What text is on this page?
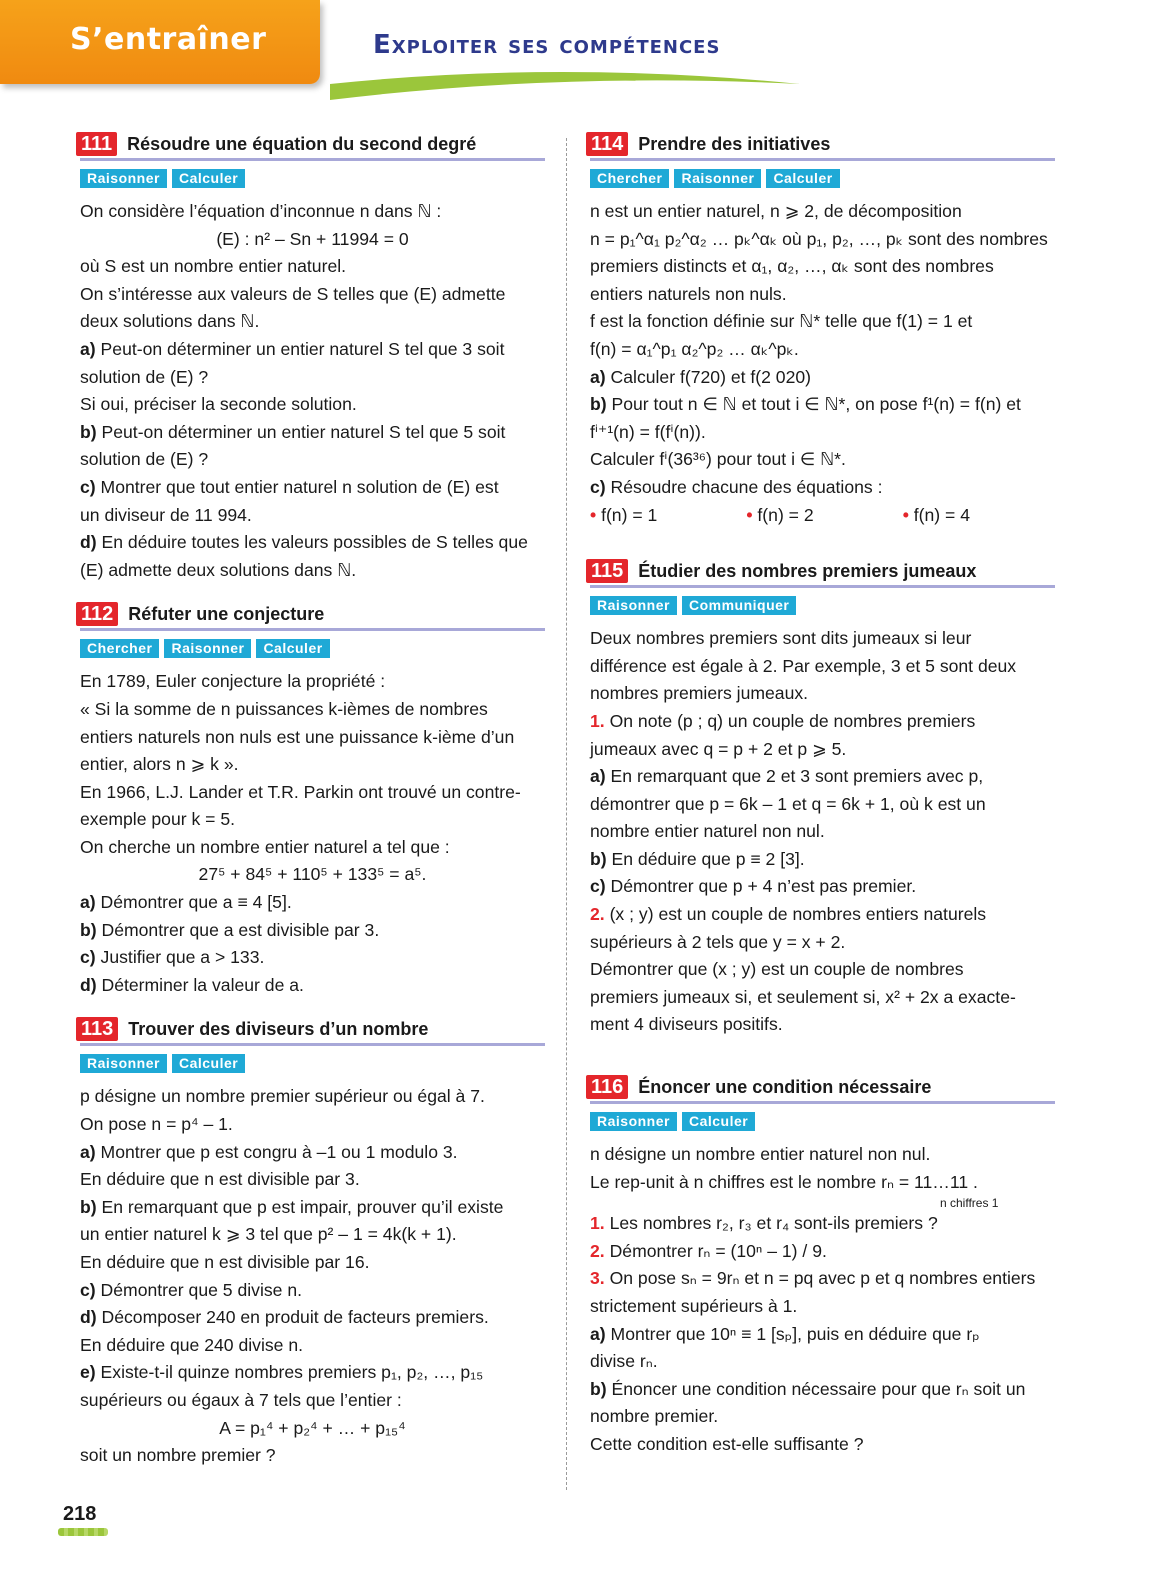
S’entraîner	Exploiter ses compétences
111 Résoudre une équation du second degré
Raisonner	Calculer

On considère l’équation d’inconnue n dans ℕ :

(E) : n² – Sn + 11994 = 0

où S est un nombre entier naturel.

On s’intéresse aux valeurs de S telles que (E) admette

deux solutions dans ℕ.

a) Peut-on déterminer un entier naturel S tel que 3 soit

solution de (E) ?

Si oui, préciser la seconde solution.

b) Peut-on déterminer un entier naturel S tel que 5 soit

solution de (E) ?

c) Montrer que tout entier naturel n solution de (E) est

un diviseur de 11 994.

d) En déduire toutes les valeurs possibles de S telles que

(E) admette deux solutions dans ℕ.

112 Réfuter une conjecture
Chercher	Raisonner	Calculer

En 1789, Euler conjecture la propriété :

« Si la somme de n puissances k-ièmes de nombres

entiers naturels non nuls est une puissance k-ième d’un

entier, alors n ⩾ k ».

En 1966, L.J. Lander et T.R. Parkin ont trouvé un contre-

exemple pour k = 5.

On cherche un nombre entier naturel a tel que :

27⁵ + 84⁵ + 110⁵ + 133⁵ = a⁵.

a) Démontrer que a ≡ 4 [5].

b) Démontrer que a est divisible par 3.

c) Justifier que a > 133.

d) Déterminer la valeur de a.

113 Trouver des diviseurs d’un nombre
Raisonner	Calculer

p désigne un nombre premier supérieur ou égal à 7.

On pose n = p⁴ – 1.

a) Montrer que p est congru à –1 ou 1 modulo 3.

En déduire que n est divisible par 3.

b) En remarquant que p est impair, prouver qu’il existe

un entier naturel k ⩾ 3 tel que p² – 1 = 4k(k + 1).

En déduire que n est divisible par 16.

c) Démontrer que 5 divise n.

d) Décomposer 240 en produit de facteurs premiers.

En déduire que 240 divise n.

e) Existe-t-il quinze nombres premiers p₁, p₂, …, p₁₅

supérieurs ou égaux à 7 tels que l’entier :

A = p₁⁴ + p₂⁴ + … + p₁₅⁴

soit un nombre premier ?

114 Prendre des initiatives
Chercher	Raisonner	Calculer

n est un entier naturel, n ⩾ 2, de décomposition

n = p₁^α₁ p₂^α₂ … pₖ^αₖ où p₁, p₂, …, pₖ sont des nombres

premiers distincts et α₁, α₂, …, αₖ sont des nombres

entiers naturels non nuls.

f est la fonction définie sur ℕ* telle que f(1) = 1 et

f(n) = α₁^p₁ α₂^p₂ … αₖ^pₖ.

a) Calculer f(720) et f(2 020)

b) Pour tout n ∈ ℕ et tout i ∈ ℕ*, on pose f¹(n) = f(n) et

fⁱ⁺¹(n) = f(fⁱ(n)).

Calculer fⁱ(36³⁶) pour tout i ∈ ℕ*.

c) Résoudre chacune des équations :

• f(n) = 1	• f(n) = 2	• f(n) = 4
115 Étudier des nombres premiers jumeaux
Raisonner	Communiquer

Deux nombres premiers sont dits jumeaux si leur

différence est égale à 2. Par exemple, 3 et 5 sont deux

nombres premiers jumeaux.

1. On note (p ; q) un couple de nombres premiers

jumeaux avec q = p + 2 et p ⩾ 5.

a) En remarquant que 2 et 3 sont premiers avec p,

démontrer que p = 6k – 1 et q = 6k + 1, où k est un

nombre entier naturel non nul.

b) En déduire que p ≡ 2 [3].

c) Démontrer que p + 4 n’est pas premier.

2. (x ; y) est un couple de nombres entiers naturels

supérieurs à 2 tels que y = x + 2.

Démontrer que (x ; y) est un couple de nombres

premiers jumeaux si, et seulement si, x² + 2x a exacte-

ment 4 diviseurs positifs.

116 Énoncer une condition nécessaire
Raisonner	Calculer

n désigne un nombre entier naturel non nul.

Le rep-unit à n chiffres est le nombre rₙ = 11…11 .

n chiffres 1

1. Les nombres r₂, r₃ et r₄ sont-ils premiers ?

2. Démontrer rₙ = (10ⁿ – 1) / 9.

3. On pose sₙ = 9rₙ et n = pq avec p et q nombres entiers

strictement supérieurs à 1.

a) Montrer que 10ⁿ ≡ 1 [sₚ], puis en déduire que rₚ

divise rₙ.

b) Énoncer une condition nécessaire pour que rₙ soit un

nombre premier.

Cette condition est-elle suffisante ?

218
